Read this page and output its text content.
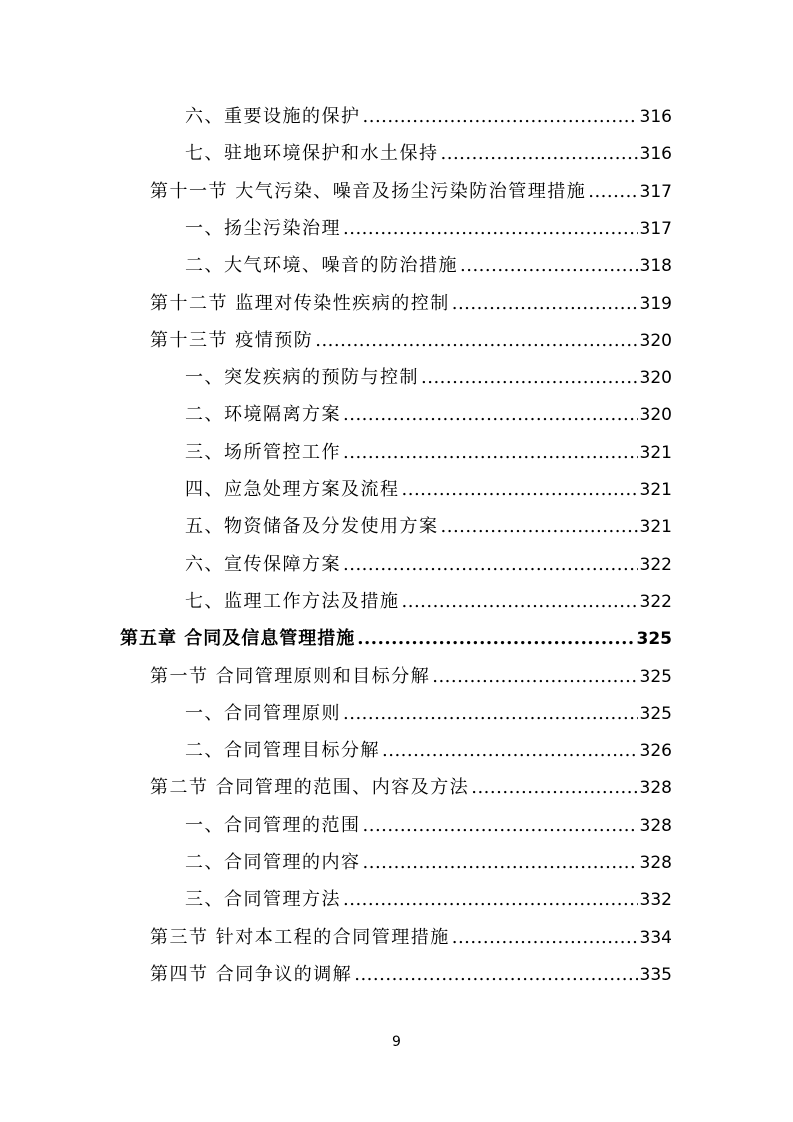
六、重要设施的保护 .....	316
七、驻地环境保护和水土保持 .....	316
第十一节 大气污染、噪音及扬尘污染防治管理措施 .....	317
一、扬尘污染治理 .....	317
二、大气环境、噪音的防治措施 .....	318
第十二节 监理对传染性疾病的控制 .....	319
第十三节 疫情预防 .....	320
一、突发疾病的预防与控制 .....	320
二、环境隔离方案 .....	320
三、场所管控工作 .....	321
四、应急处理方案及流程 .....	321
五、物资储备及分发使用方案 .....	321
六、宣传保障方案 .....	322
七、监理工作方法及措施 .....	322
第五章 合同及信息管理措施 .....	325
第一节 合同管理原则和目标分解 .....	325
一、合同管理原则 .....	325
二、合同管理目标分解 .....	326
第二节 合同管理的范围、内容及方法 .....	328
一、合同管理的范围 .....	328
二、合同管理的内容 .....	328
三、合同管理方法 .....	332
第三节 针对本工程的合同管理措施 .....	334
第四节 合同争议的调解 .....	335
9
